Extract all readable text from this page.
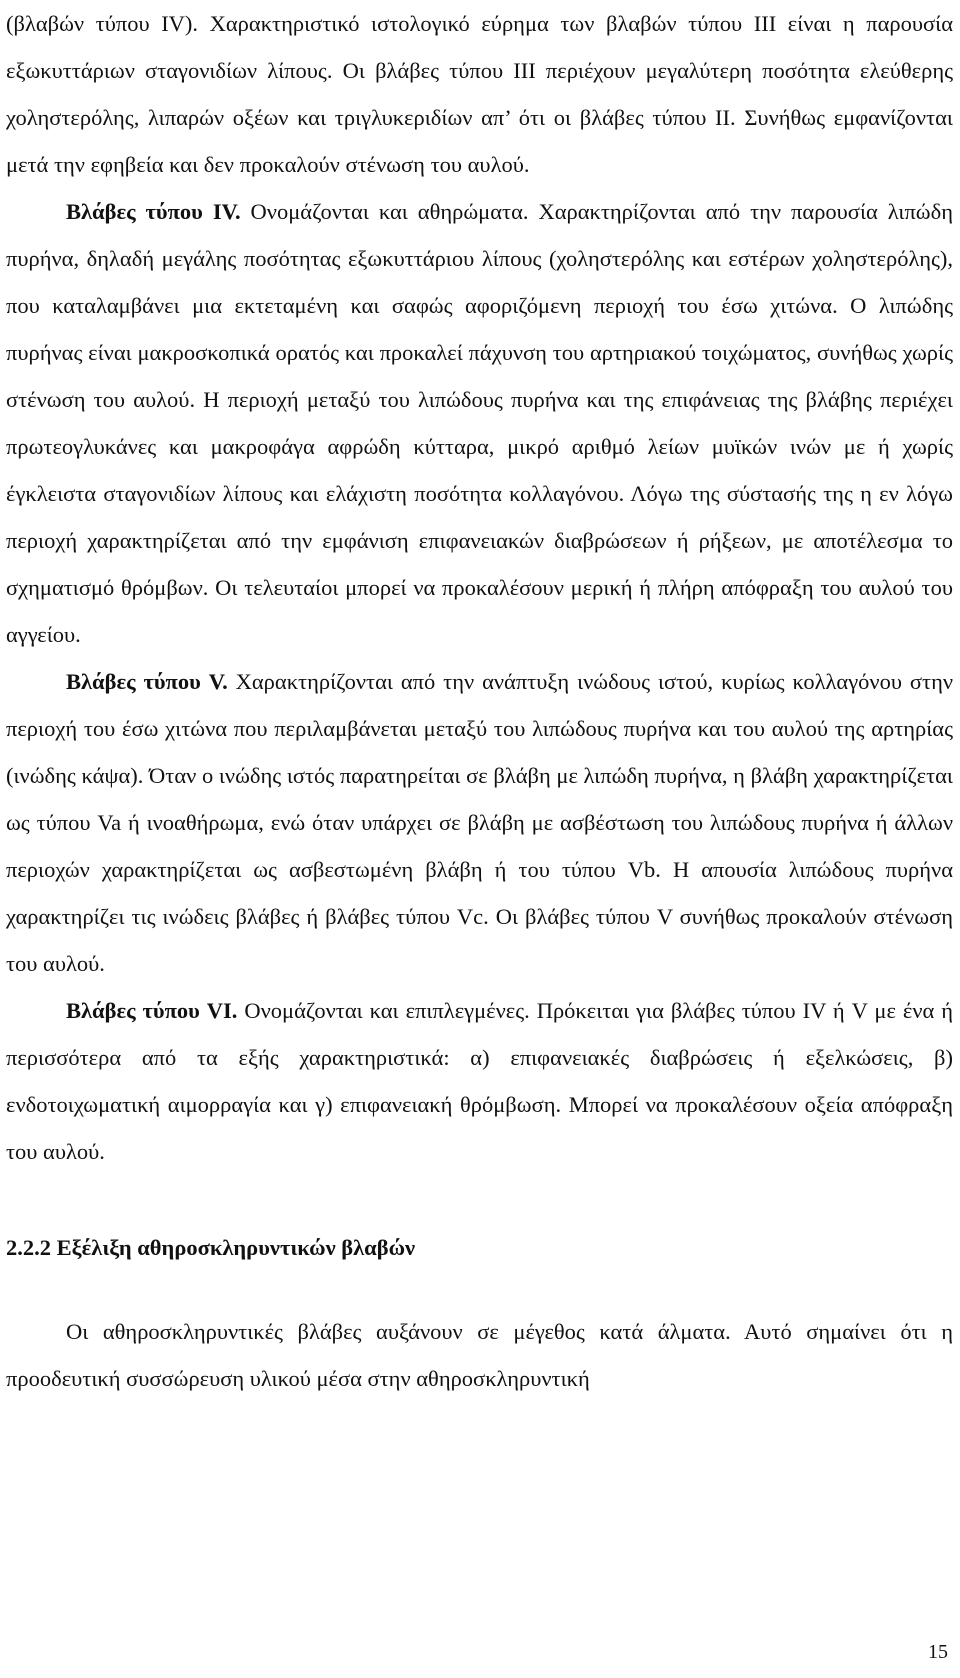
(βλαβών τύπου IV). Χαρακτηριστικό ιστολογικό εύρημα των βλαβών τύπου III είναι η παρουσία εξωκυττάριων σταγονιδίων λίπους. Οι βλάβες τύπου III περιέχουν μεγαλύτερη ποσότητα ελεύθερης χοληστερόλης, λιπαρών οξέων και τριγλυκεριδίων απ’ ότι οι βλάβες τύπου II. Συνήθως εμφανίζονται μετά την εφηβεία και δεν προκαλούν στένωση του αυλού.

Βλάβες τύπου IV. Ονομάζονται και αθηρώματα. Χαρακτηρίζονται από την παρουσία λιπώδη πυρήνα, δηλαδή μεγάλης ποσότητας εξωκυττάριου λίπους (χοληστερόλης και εστέρων χοληστερόλης), που καταλαμβάνει μια εκτεταμένη και σαφώς αφοριζόμενη περιοχή του έσω χιτώνα. Ο λιπώδης πυρήνας είναι μακροσκοπικά ορατός και προκαλεί πάχυνση του αρτηριακού τοιχώματος, συνήθως χωρίς στένωση του αυλού. Η περιοχή μεταξύ του λιπώδους πυρήνα και της επιφάνειας της βλάβης περιέχει πρωτεογλυκάνες και μακροφάγα αφρώδη κύτταρα, μικρό αριθμό λείων μυϊκών ινών με ή χωρίς έγκλειστα σταγονιδίων λίπους και ελάχιστη ποσότητα κολλαγόνου. Λόγω της σύστασής της η εν λόγω περιοχή χαρακτηρίζεται από την εμφάνιση επιφανειακών διαβρώσεων ή ρήξεων, με αποτέλεσμα το σχηματισμό θρόμβων. Οι τελευταίοι μπορεί να προκαλέσουν μερική ή πλήρη απόφραξη του αυλού του αγγείου.

Βλάβες τύπου V. Χαρακτηρίζονται από την ανάπτυξη ινώδους ιστού, κυρίως κολλαγόνου στην περιοχή του έσω χιτώνα που περιλαμβάνεται μεταξύ του λιπώδους πυρήνα και του αυλού της αρτηρίας (ινώδης κάψα). Όταν ο ινώδης ιστός παρατηρείται σε βλάβη με λιπώδη πυρήνα, η βλάβη χαρακτηρίζεται ως τύπου Va ή ινοαθήρωμα, ενώ όταν υπάρχει σε βλάβη με ασβέστωση του λιπώδους πυρήνα ή άλλων περιοχών χαρακτηρίζεται ως ασβεστωμένη βλάβη ή του τύπου Vb. Η απουσία λιπώδους πυρήνα χαρακτηρίζει τις ινώδεις βλάβες ή βλάβες τύπου Vc. Οι βλάβες τύπου V συνήθως προκαλούν στένωση του αυλού.

Βλάβες τύπου VI. Ονομάζονται και επιπλεγμένες. Πρόκειται για βλάβες τύπου IV ή V με ένα ή περισσότερα από τα εξής χαρακτηριστικά: α) επιφανειακές διαβρώσεις ή εξελκώσεις, β) ενδοτοιχωματική αιμορραγία και γ) επιφανειακή θρόμβωση. Μπορεί να προκαλέσουν οξεία απόφραξη του αυλού.

2.2.2 Εξέλιξη αθηροσκληρυντικών βλαβών

Οι αθηροσκληρυντικές βλάβες αυξάνουν σε μέγεθος κατά άλματα. Αυτό σημαίνει ότι η προοδευτική συσσώρευση υλικού μέσα στην αθηροσκληρυντική

15
